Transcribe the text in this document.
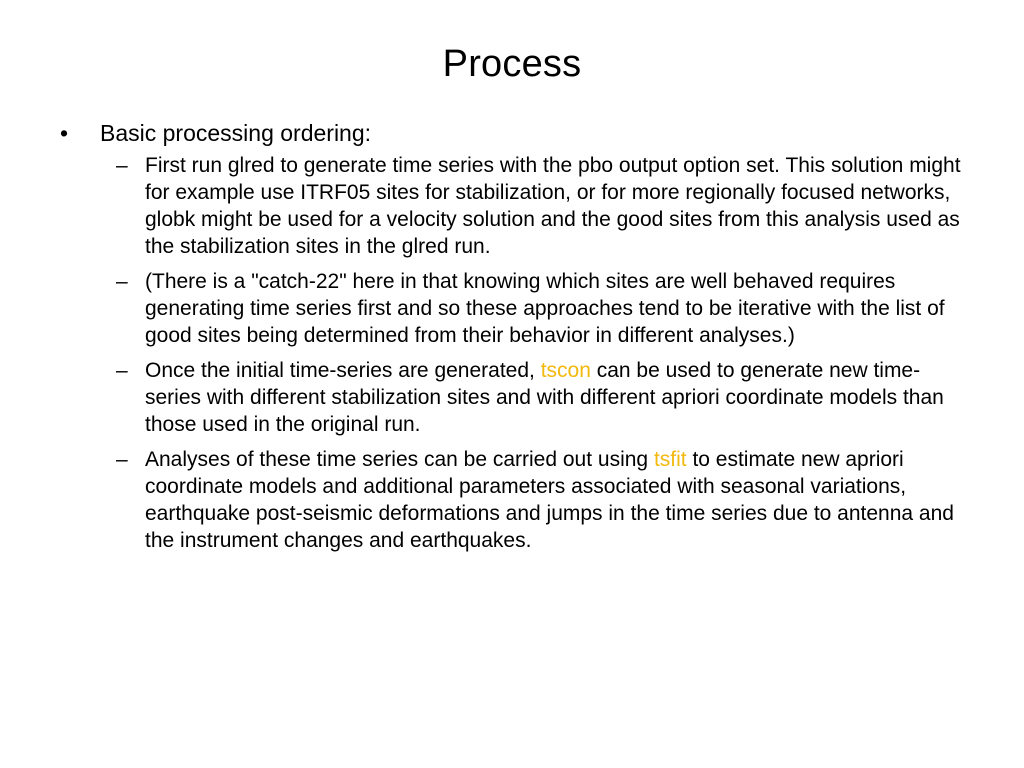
Process
• Basic processing ordering:
– First run glred to generate time series with the pbo output option set. This solution might for example use ITRF05 sites for stabilization, or for more regionally focused networks, globk might be used for a velocity solution and the good sites from this analysis used as the stabilization sites in the glred run.
– (There is a "catch-22" here in that knowing which sites are well behaved requires generating time series first and so these approaches tend to be iterative with the list of good sites being determined from their behavior in different analyses.)
– Once the initial time-series are generated, tscon can be used to generate new time-series with different stabilization sites and with different apriori coordinate models than those used in the original run.
– Analyses of these time series can be carried out using tsfit to estimate new apriori coordinate models and additional parameters associated with seasonal variations, earthquake post-seismic deformations and jumps in the time series due to antenna and the instrument changes and earthquakes.
